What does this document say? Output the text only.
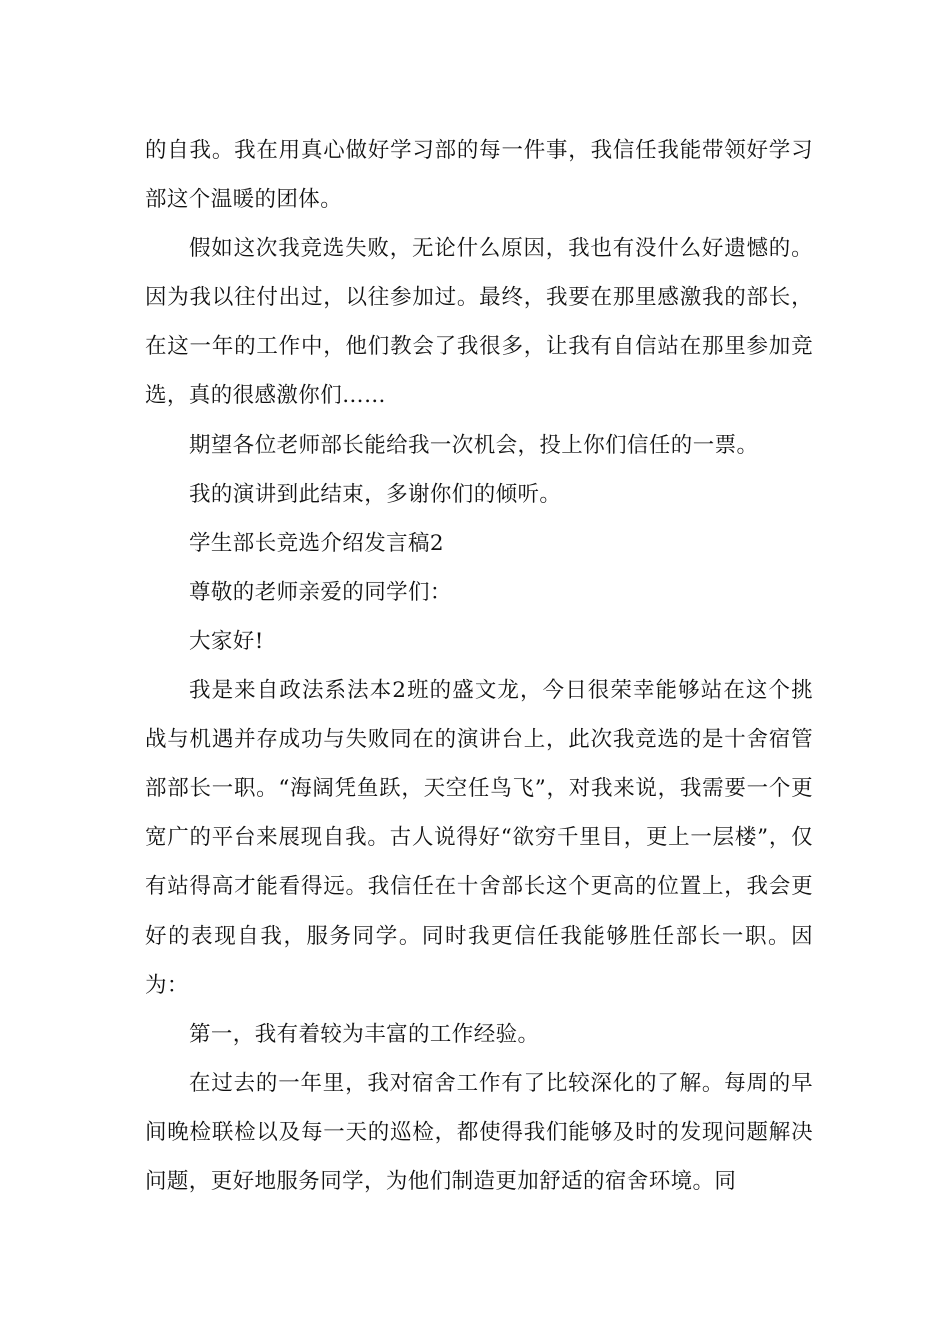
的自我。我在用真心做好学习部的每一件事，我信任我能带领好学习部这个温暖的团体。

假如这次我竞选失败，无论什么原因，我也有没什么好遗憾的。因为我以往付出过，以往参加过。最终，我要在那里感激我的部长，在这一年的工作中，他们教会了我很多，让我有自信站在那里参加竞选，真的很感激你们……

期望各位老师部长能给我一次机会，投上你们信任的一票。

我的演讲到此结束，多谢你们的倾听。

学生部长竞选介绍发言稿2

尊敬的老师亲爱的同学们：

大家好!

我是来自政法系法本2班的盛文龙，今日很荣幸能够站在这个挑战与机遇并存成功与失败同在的演讲台上，此次我竞选的是十舍宿管部部长一职。“海阔凭鱼跃，天空任鸟飞”，对我来说，我需要一个更宽广的平台来展现自我。古人说得好“欲穷千里目，更上一层楼”，仅有站得高才能看得远。我信任在十舍部长这个更高的位置上，我会更好的表现自我，服务同学。同时我更信任我能够胜任部长一职。因为：

第一，我有着较为丰富的工作经验。

在过去的一年里，我对宿舍工作有了比较深化的了解。每周的早间晚检联检以及每一天的巡检，都使得我们能够及时的发现问题解决问题，更好地服务同学，为他们制造更加舒适的宿舍环境。同
